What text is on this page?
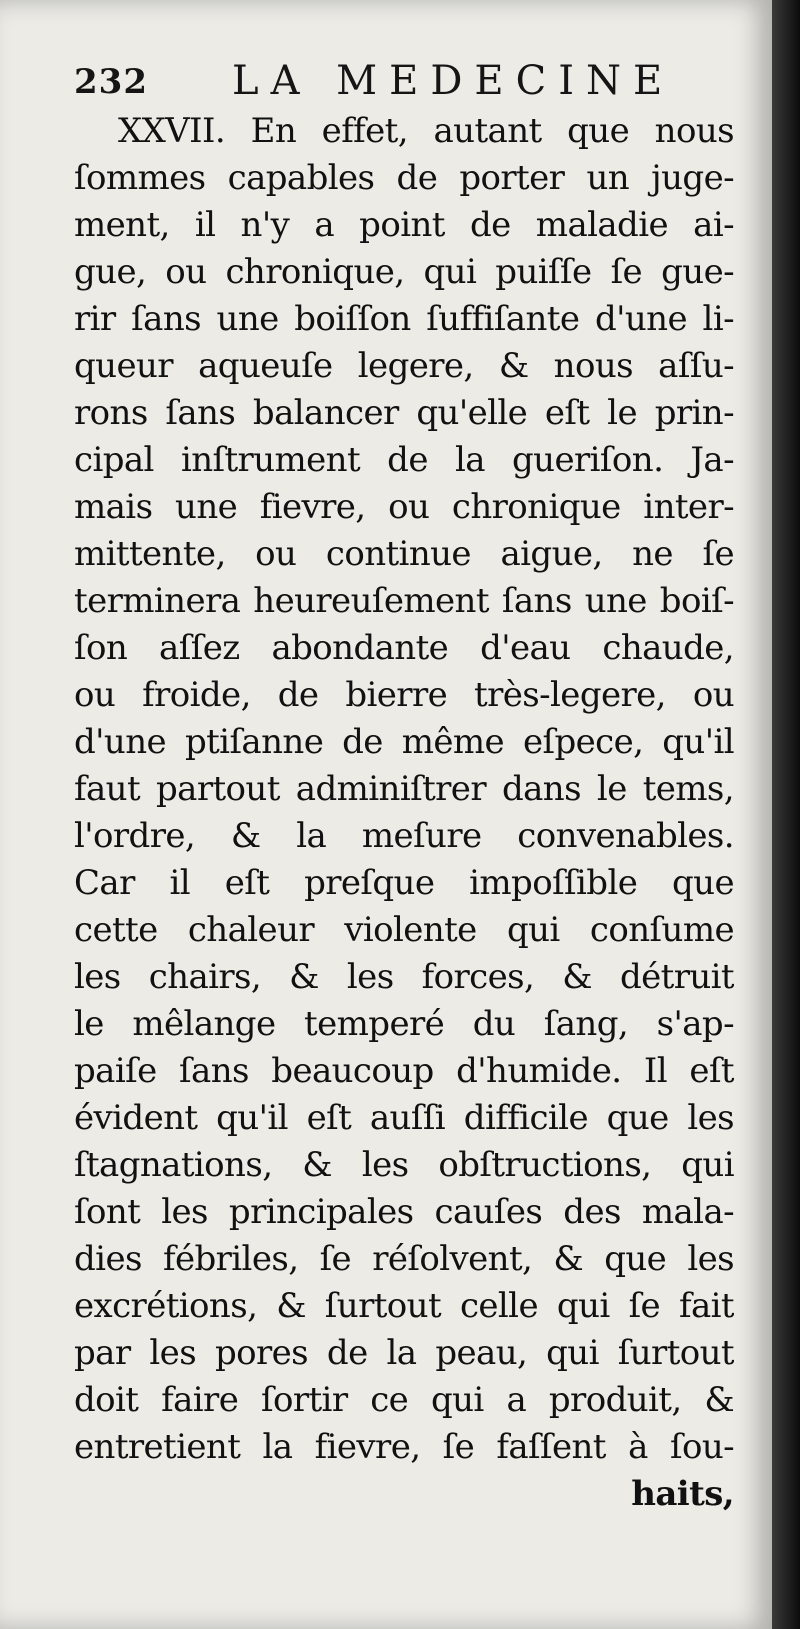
232 LA MEDECINE
XXVII. En effet, autant que nous
ſommes capables de porter un juge-
ment, il n'y a point de maladie ai-
gue, ou chronique, qui puiſſe ſe gue-
rir ſans une boiſſon ſuffiſante d'une li-
queur aqueuſe legere, & nous aſſu-
rons ſans balancer qu'elle eſt le prin-
cipal inſtrument de la gueriſon. Ja-
mais une fievre, ou chronique inter-
mittente, ou continue aigue, ne ſe
terminera heureuſement ſans une boiſ-
ſon aſſez abondante d'eau chaude,
ou froide, de bierre très-legere, ou
d'une ptiſanne de même eſpece, qu'il
faut partout adminiſtrer dans le tems,
l'ordre, & la meſure convenables.
Car il eſt preſque impoſſible que
cette chaleur violente qui conſume
les chairs, & les forces, & détruit
le mêlange temperé du ſang, s'ap-
paiſe ſans beaucoup d'humide. Il eſt
évident qu'il eſt auſſi difficile que les
ſtagnations, & les obſtructions, qui
ſont les principales cauſes des mala-
dies fébriles, ſe réſolvent, & que les
excrétions, & ſurtout celle qui ſe fait
par les pores de la peau, qui ſurtout
doit faire ſortir ce qui a produit, &
entretient la fievre, ſe faſſent à ſou-
haits,
